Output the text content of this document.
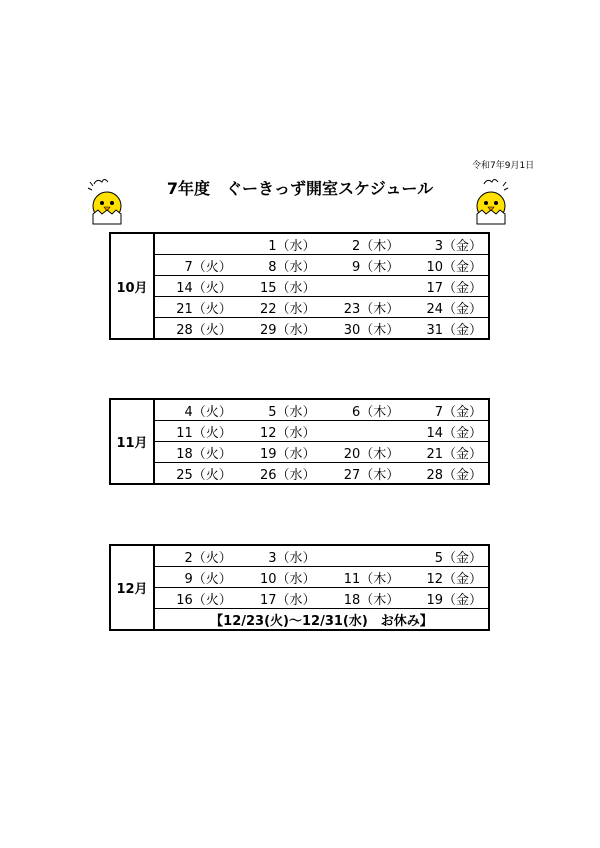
令和7年9月1日
7年度　ぐーきっず開室スケジュール
10月		1（水）	2（木）	3（金）
	7（火）	8（水）	9（木）	10（金）
	14（火）	15（水）		17（金）
	21（火）	22（水）	23（木）	24（金）
	28（火）	29（水）	30（木）	31（金）
11月	4（火）	5（水）	6（木）	7（金）
	11（火）	12（水）		14（金）
	18（火）	19（水）	20（木）	21（金）
	25（火）	26（水）	27（木）	28（金）
12月	2（火）	3（水）		5（金）
	9（火）	10（水）	11（木）	12（金）
	16（火）	17（水）	18（木）	19（金）
	【12/23(火)～12/31(水)　お休み】			
